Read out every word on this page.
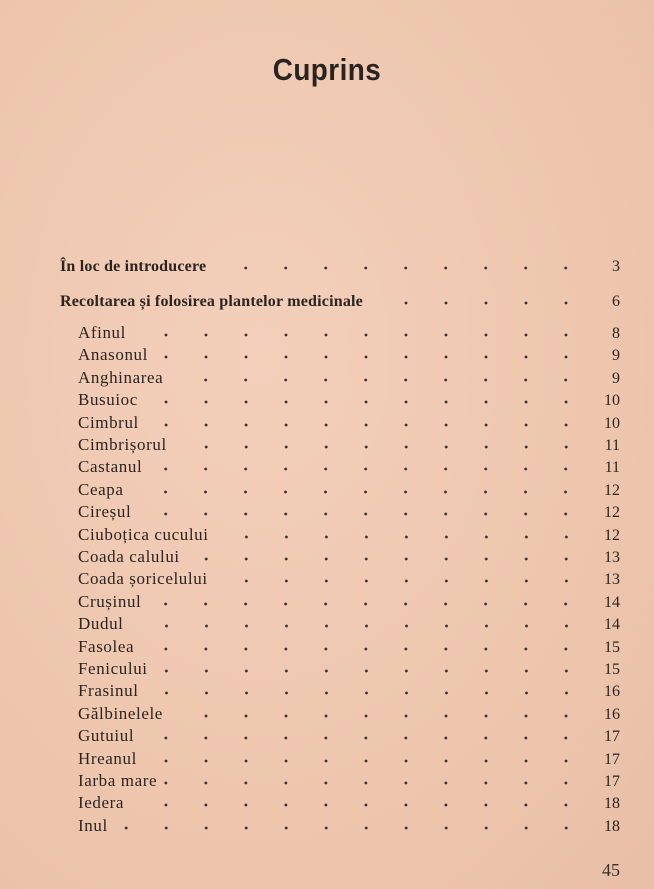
Cuprins
În loc de introducere	3
Recoltarea și folosirea plantelor medicinale	6
Afinul	8
Anasonul	9
Anghinarea	9
Busuioc	10
Cimbrul	10
Cimbrișorul	11
Castanul	11
Ceapa	12
Cireșul	12
Ciuboțica cucului	12
Coada calului	13
Coada șoricelului	13
Crușinul	14
Dudul	14
Fasolea	15
Fenicului	15
Frasinul	16
Gălbinelele	16
Gutuiul	17
Hreanul	17
Iarba mare	17
Iedera	18
Inul	18
45
